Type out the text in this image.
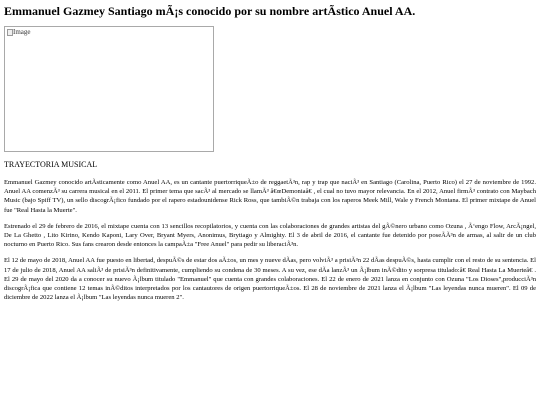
Emmanuel Gazmey Santiago mÃ¡s conocido por su nombre artÃstico Anuel AA.
Image
TRAYECTORIA MUSICAL

Emmanuel Gazmey conocido artÃsticamente como Anuel AA, es un cantante puertorriqueÃ±o de reggaetÃ³n, rap y trap que naciÃ³ en Santiago (Carolina, Puerto Rico) el 27 de noviembre de 1992. Anuel AA comenzÃ³ su carrera musical en el 2011. El primer tema que sacÃ³ al mercado se llamÃ³ â€œDemoniaâ€ , el cual no tuvo mayor relevancia. En el 2012, Anuel firmÃ³ contrato con Maybach Music (bajo Spiff TV), un sello discogrÃ¡fico fundado por el rapero estadounidense Rick Ross, que tambiÃ©n trabaja con los raperos Meek Mill, Wale y French Montana. El primer mixtape de Anuel fue "Real Hasta la Muerte".

Estrenado el 29 de febrero de 2016, el mixtape cuenta con 13 sencillos recopilatorios, y cuenta con las colaboraciones de grandes artistas del gÃ©nero urbano como Ozuna , Ã‘engo Flow, ArcÃ¡ngel, De La Ghetto , Lito Kirino, Kendo Kaponi, Lary Over, Bryant Myers, Anonimus, Brytiago y Almighty. El 3 de abril de 2016, el cantante fue detenido por poseÃÃ³n de armas, al salir de un club nocturno en Puerto Rico. Sus fans crearon desde entonces la campaÃ±a "Free Anuel" para pedir su liberaciÃ³n.

El 12 de mayo de 2018, Anuel AA fue puesto en libertad, despuÃ©s de estar dos aÃ±os, un mes y nueve dÃas, pero volviÃ³ a prisiÃ³n 22 dÃas despuÃ©s, hasta cumplir con el resto de su sentencia. El 17 de julio de 2018, Anuel AA saliÃ³ de prisiÃ³n definitivamente, cumpliendo su condena de 30 meses. A su vez, ese dÃa lanzÃ³ un Ã¡lbum inÃ©dito y sorpresa titulado:â€ Real Hasta La Muerteâ€ . El 29 de mayo del 2020 da a conocer su nuevo Ã¡lbum titulado "Emmanuel" que cuenta con grandes colaboraciones. El 22 de enero de 2021 lanza en conjunto con Ozuna "Los Dioses",producciÃ³n discogrÃ¡fica que contiene 12 temas inÃ©ditos interpretados por los cantautores de origen puertorriqueÃ±os. El 28 de noviembre de 2021 lanza el Ã¡lbum "Las leyendas nunca mueren". El 09 de diciembre de 2022 lanza el Ã¡lbum "Las leyendas nunca mueren 2".
